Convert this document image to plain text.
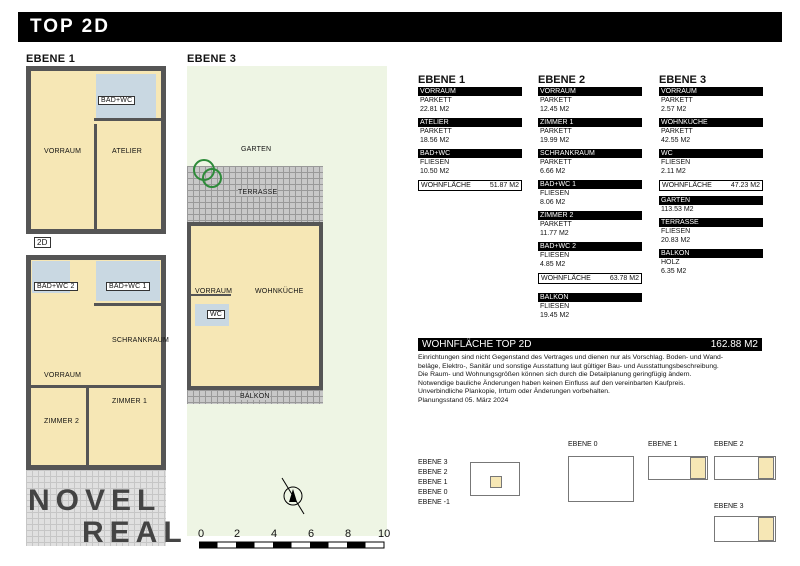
TOP 2D
EBENE 1	EBENE 3
BAD+WC
VORRAUM	ATELIER
2D
BAD+WC 2	BAD+WC 1
SCHRANKRAUM
VORRAUM
ZIMMER 2
ZIMMER 1
GARTEN
TERRASSE
VORRAUM	WOHNKÜCHE
WC
BALKON
EBENE 1
VORRAUM
PARKETT
22.81 M2
ATELIER
PARKETT
18.56 M2
BAD+WC
FLIESEN
10.50 M2
WOHNFLÄCHE	51.87 M2
EBENE 2
VORRAUM
PARKETT
12.45 M2
ZIMMER 1
PARKETT
19.99 M2
SCHRANKRAUM
PARKETT
6.66 M2
BAD+WC 1
FLIESEN
8.06 M2
ZIMMER 2
PARKETT
11.77 M2
BAD+WC 2
FLIESEN
4.85 M2
WOHNFLÄCHE	63.78 M2
BALKON
FLIESEN
19.45 M2
EBENE 3
VORRAUM
PARKETT
2.57 M2
WOHNKÜCHE
PARKETT
42.55 M2
WC
FLIESEN
2.11 M2
WOHNFLÄCHE	47.23 M2
GARTEN
113.53 M2
TERRASSE
FLIESEN
20.83 M2
BALKON
HOLZ
6.35 M2
WOHNFLÄCHE TOP 2D	162.88 M2
Einrichtungen sind nicht Gegenstand des Vertrages und dienen nur als Vorschlag. Boden- und Wand-
beläge, Elektro-, Sanitär und sonstige Ausstattung laut gültiger Bau- und Ausstattungsbeschreibung.
Die Raum- und Wohnungsgrößen können sich durch die Detailplanung geringfügig ändern.
Notwendige bauliche Änderungen haben keinen Einfluss auf den vereinbarten Kaufpreis.
Unverbindliche Plankopie, Irrtum oder Änderungen vorbehalten.
Planungsstand 05. März 2024
EBENE 3
EBENE 2
EBENE 1
EBENE 0
EBENE -1
EBENE 0	EBENE 1	EBENE 2
EBENE 3
NOVEL
REAL 0	2	4	6	8 10
